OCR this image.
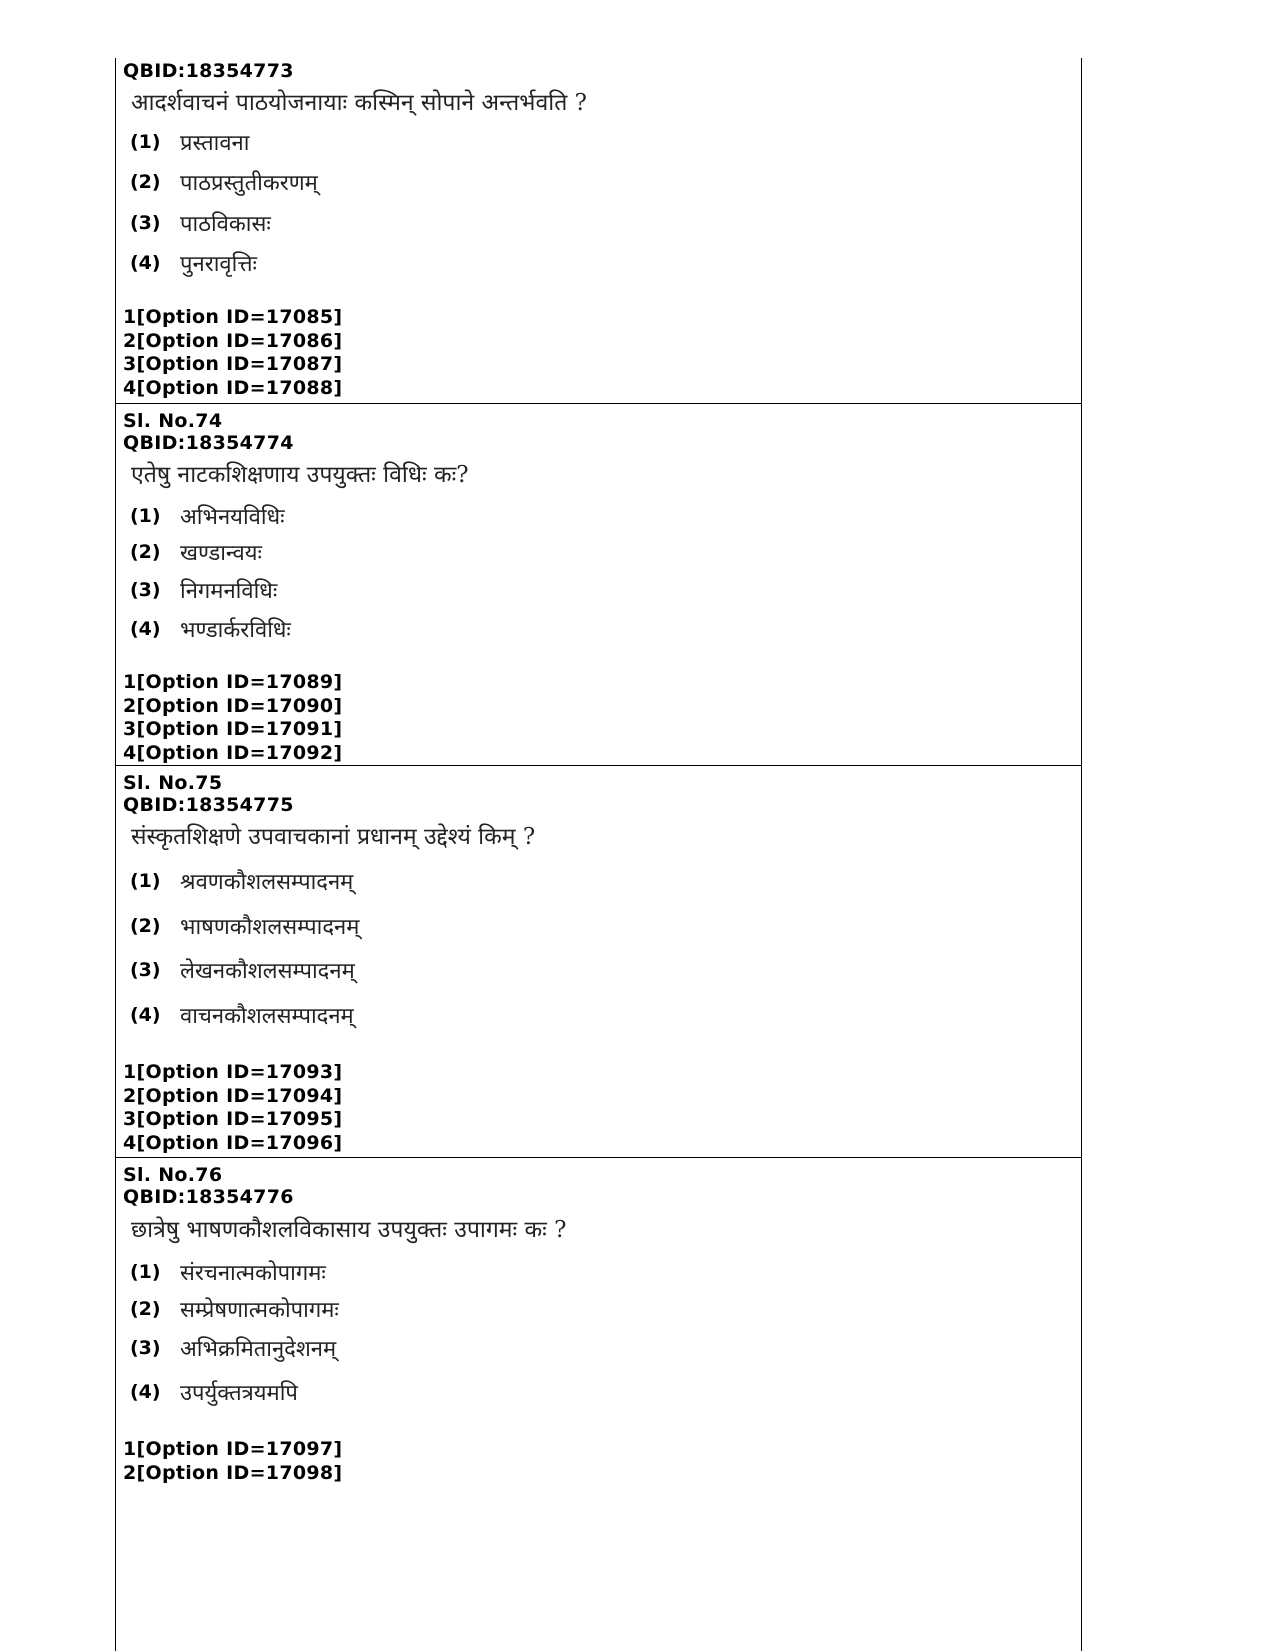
QBID:18354773
आदर्शवाचनं पाठयोजनायाः कस्मिन् सोपाने अन्तर्भवति ?
(1) प्रस्तावना
(2) पाठप्रस्तुतीकरणम्
(3) पाठविकासः
(4) पुनरावृत्तिः
1[Option ID=17085]
2[Option ID=17086]
3[Option ID=17087]
4[Option ID=17088]
Sl. No.74
QBID:18354774
एतेषु नाटकशिक्षणाय उपयुक्तः विधिः कः?
(1) अभिनयविधिः
(2) खण्डान्वयः
(3) निगमनविधिः
(4) भण्डार्करविधिः
1[Option ID=17089]
2[Option ID=17090]
3[Option ID=17091]
4[Option ID=17092]
Sl. No.75
QBID:18354775
संस्कृतशिक्षणे उपवाचकानां प्रधानम् उद्देश्यं किम् ?
(1) श्रवणकौशलसम्पादनम्
(2) भाषणकौशलसम्पादनम्
(3) लेखनकौशलसम्पादनम्
(4) वाचनकौशलसम्पादनम्
1[Option ID=17093]
2[Option ID=17094]
3[Option ID=17095]
4[Option ID=17096]
Sl. No.76
QBID:18354776
छात्रेषु भाषणकौशलविकासाय उपयुक्तः उपागमः कः ?
(1) संरचनात्मकोपागमः
(2) सम्प्रेषणात्मकोपागमः
(3) अभिक्रमितानुदेशनम्
(4) उपर्युक्तत्रयमपि
1[Option ID=17097]
2[Option ID=17098]
